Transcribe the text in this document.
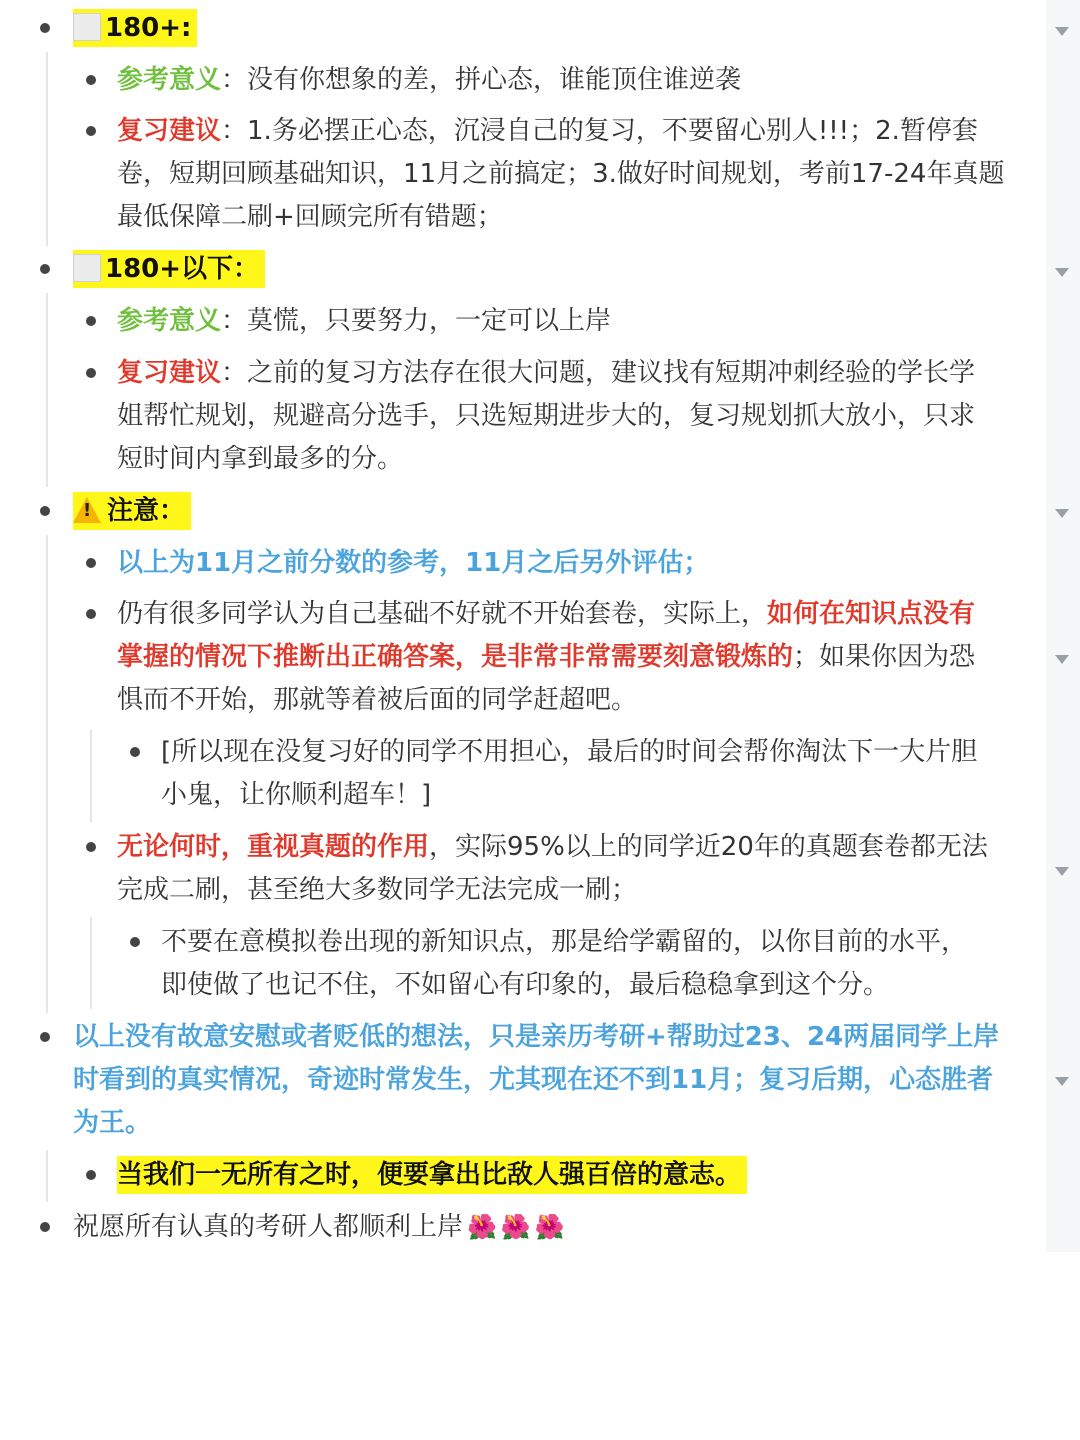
180+:
参考意义：没有你想象的差，拼心态，谁能顶住谁逆袭
复习建议：1.务必摆正心态，沉浸自己的复习，不要留心别人!!!；2.暂停套
卷，短期回顾基础知识，11月之前搞定；3.做好时间规划，考前17-24年真题
最低保障二刷+回顾完所有错题；
180+以下：
参考意义：莫慌，只要努力，一定可以上岸
复习建议：之前的复习方法存在很大问题，建议找有短期冲刺经验的学长学
姐帮忙规划，规避高分选手，只选短期进步大的，复习规划抓大放小，只求
短时间内拿到最多的分。
!注意：
以上为11月之前分数的参考，11月之后另外评估；
仍有很多同学认为自己基础不好就不开始套卷，实际上，如何在知识点没有
掌握的情况下推断出正确答案，是非常非常需要刻意锻炼的；如果你因为恐
惧而不开始，那就等着被后面的同学赶超吧。
[所以现在没复习好的同学不用担心，最后的时间会帮你淘汰下一大片胆
小鬼，让你顺利超车！]
无论何时，重视真题的作用，实际95%以上的同学近20年的真题套卷都无法
完成二刷，甚至绝大多数同学无法完成一刷；
不要在意模拟卷出现的新知识点，那是给学霸留的，以你目前的水平，
即使做了也记不住，不如留心有印象的，最后稳稳拿到这个分。
以上没有故意安慰或者贬低的想法，只是亲历考研+帮助过23、24两届同学上岸
时看到的真实情况，奇迹时常发生，尤其现在还不到11月；复习后期，心态胜者
为王。
当我们一无所有之时，便要拿出比敌人强百倍的意志。
祝愿所有认真的考研人都顺利上岸 🌺 🌺 🌺
